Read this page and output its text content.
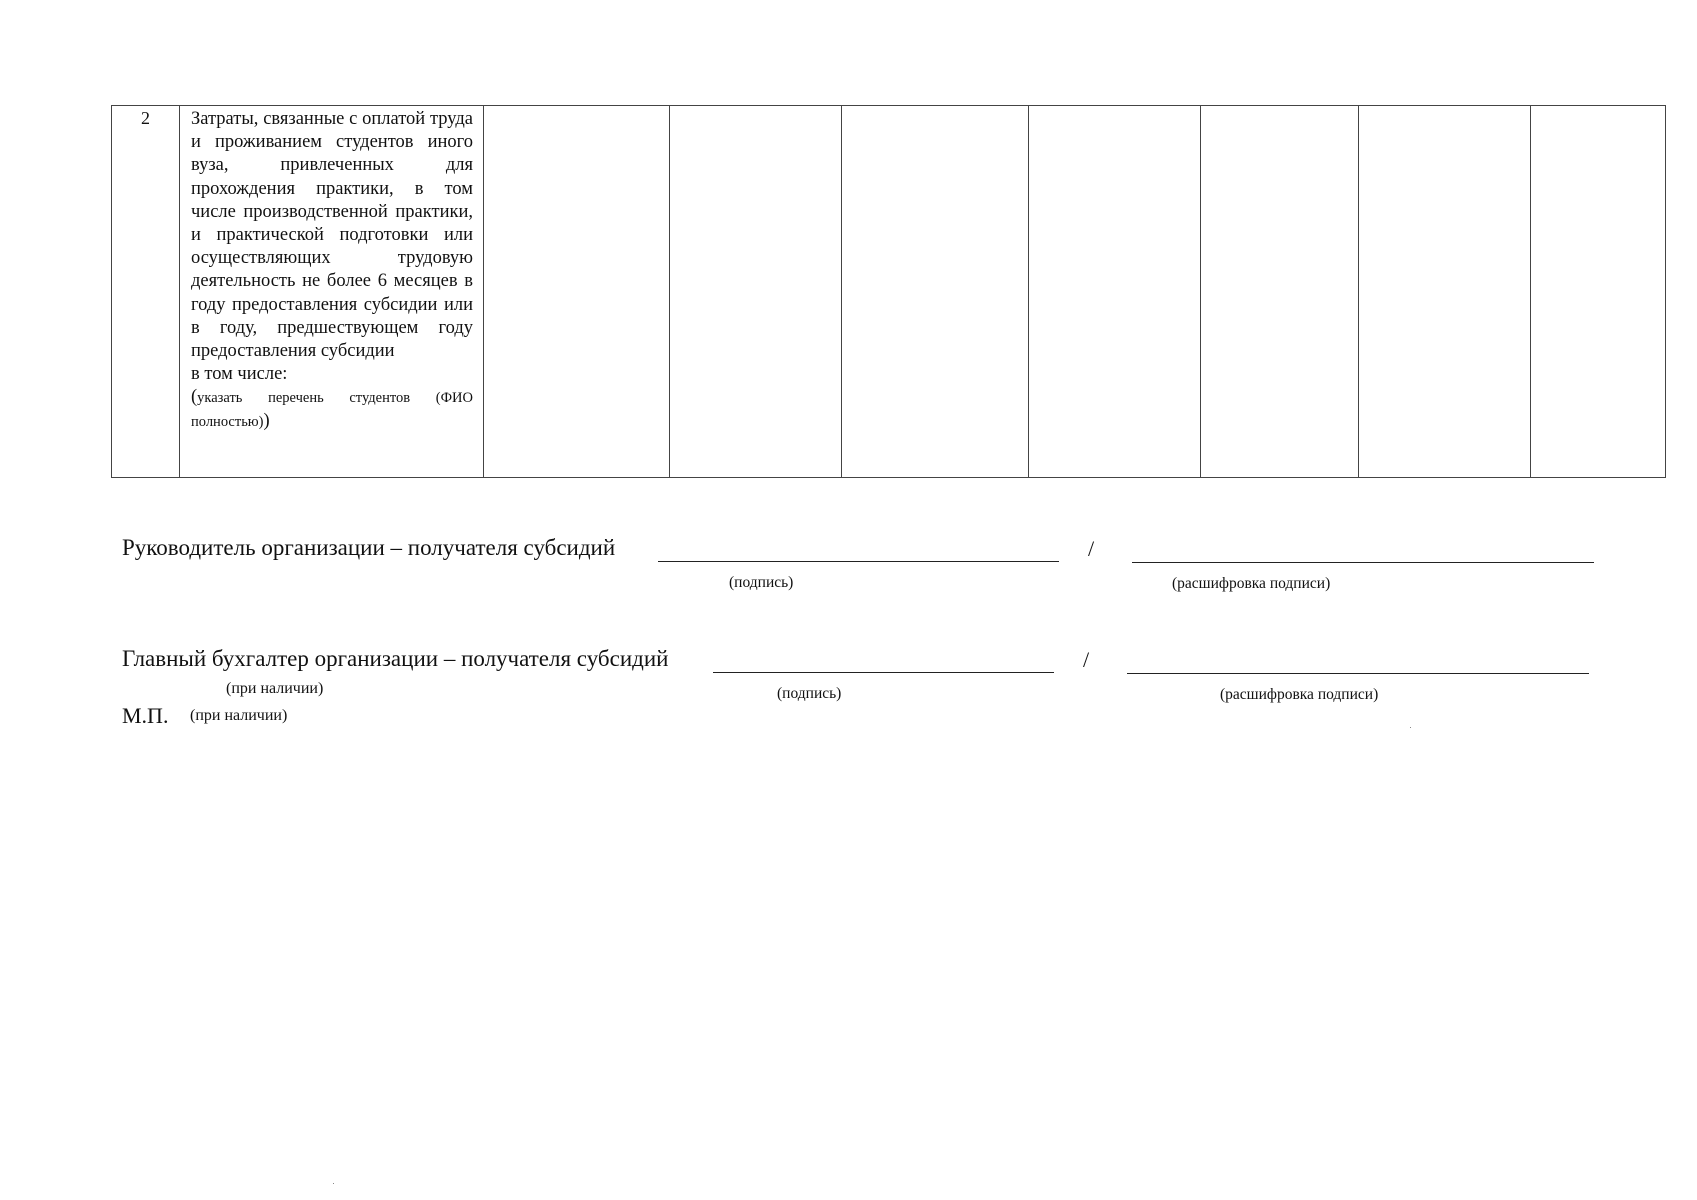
2	Затраты, связанные с оплатой труда и проживанием студентов иного вуза, привлеченных для прохождения практики, в том числе производственной практики, и практической подготовки или осуществляющих трудовую деятельность не более 6 месяцев в году предоставления субсидии или в году, предшествующем году предоставления субсидии
в том числе:
(указать перечень студентов (ФИО полностью))

Руководитель организации – получателя субсидий	/
(подпись)	(расшифровка подписи)
Главный бухгалтер организации – получателя субсидий	/
(при наличии)	(подпись)	(расшифровка подписи)
М.П. (при наличии)
